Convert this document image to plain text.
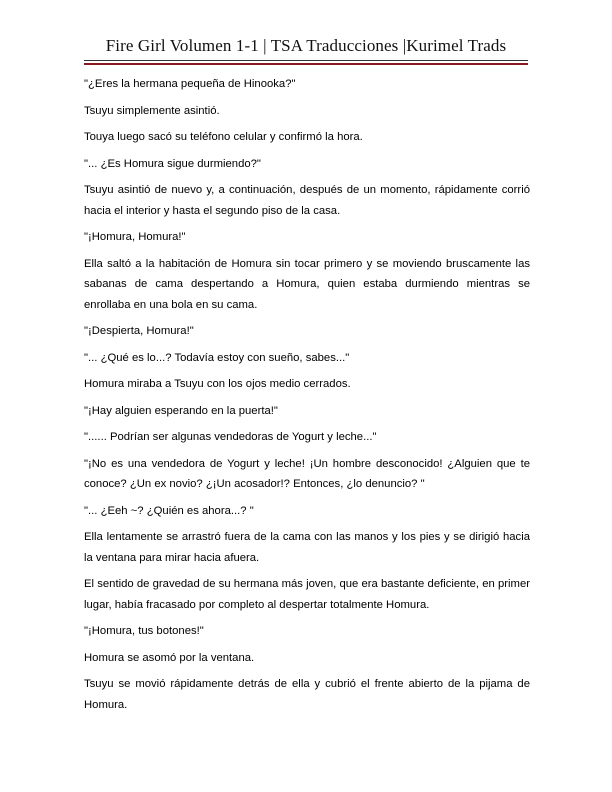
Fire Girl Volumen 1-1 | TSA Traducciones |Kurimel Trads

"¿Eres la hermana pequeña de Hinooka?"

Tsuyu simplemente asintió.

Touya luego sacó su teléfono celular y confirmó la hora.

"... ¿Es Homura sigue durmiendo?"

Tsuyu asintió de nuevo y, a continuación, después de un momento, rápidamente corrió hacia el interior y hasta el segundo piso de la casa.

"¡Homura, Homura!"

Ella saltó a la habitación de Homura sin tocar primero y se moviendo bruscamente las sabanas de cama despertando a Homura, quien estaba durmiendo mientras se enrollaba en una bola en su cama.

"¡Despierta, Homura!"

"... ¿Qué es lo...? Todavía estoy con sueño, sabes..."

Homura miraba a Tsuyu con los ojos medio cerrados.

"¡Hay alguien esperando en la puerta!"

"...... Podrían ser algunas vendedoras de Yogurt y leche..."

"¡No es una vendedora de Yogurt y leche! ¡Un hombre desconocido! ¿Alguien que te conoce? ¿Un ex novio? ¿¡Un acosador!? Entonces, ¿lo denuncio? "

"... ¿Eeh ~? ¿Quién es ahora...? "

Ella lentamente se arrastró fuera de la cama con las manos y los pies y se dirigió hacia la ventana para mirar hacia afuera.

El sentido de gravedad de su hermana más joven, que era bastante deficiente, en primer lugar, había fracasado por completo al despertar totalmente Homura.

"¡Homura, tus botones!"

Homura se asomó por la ventana.

Tsuyu se movió rápidamente detrás de ella y cubrió el frente abierto de la pijama de Homura.
